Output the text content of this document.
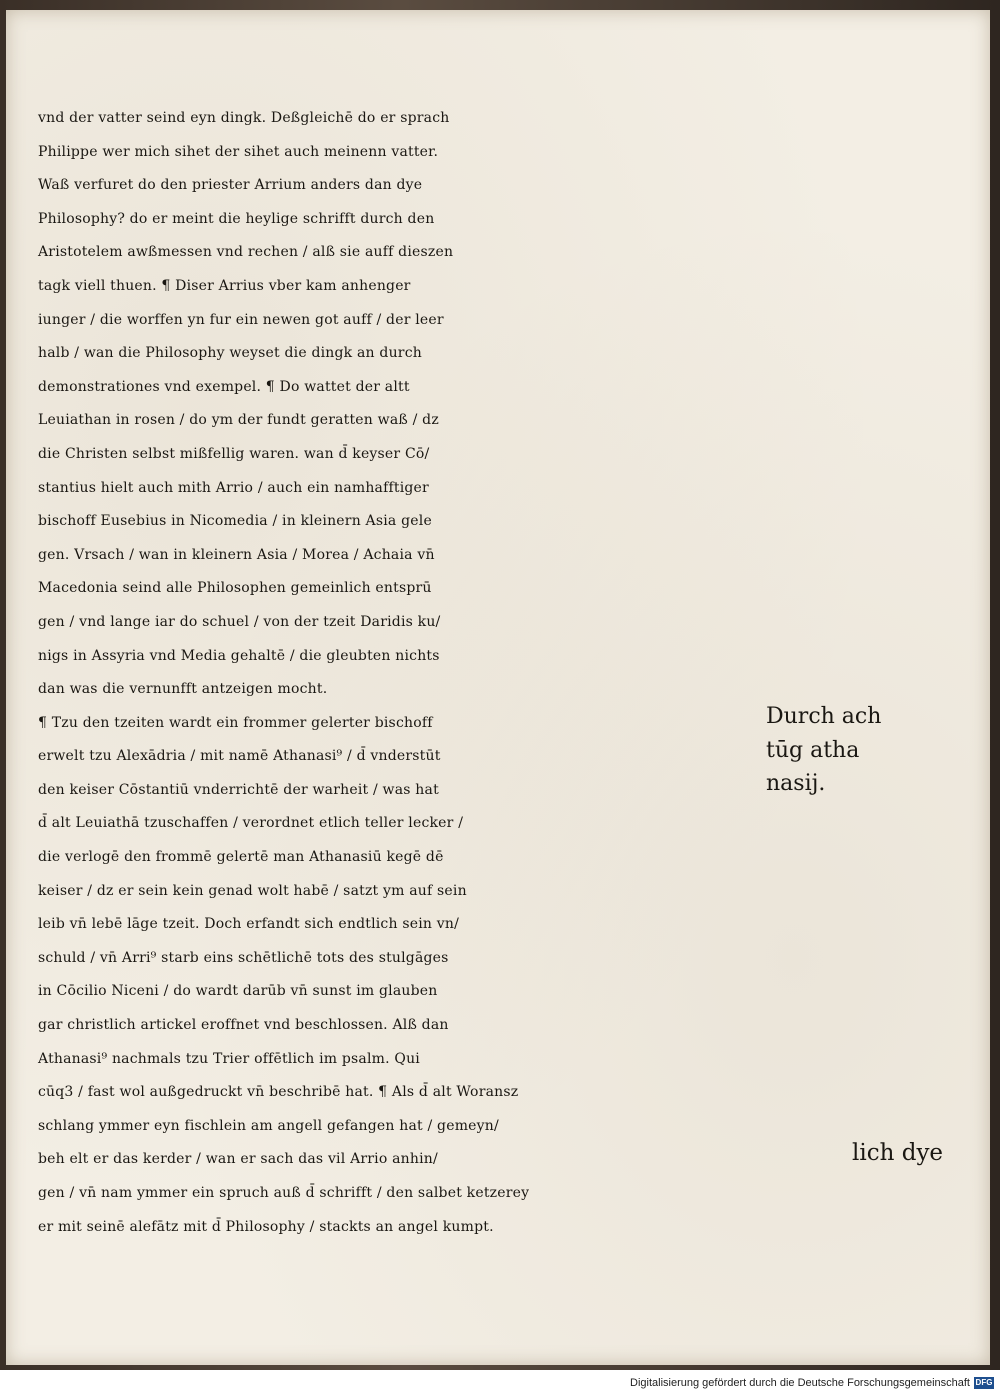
vnd der vatter seind eyn dingk. Deßgleichē do er sprach
Philippe wer mich sihet der sihet auch meinenn vatter.
Waß verfuret do den priester Arrium anders dan dye
Philosophy? do er meint die heylige schrifft durch den
Aristotelem awßmessen vnd rechen / alß sie auff dieszen
tagk viell thuen. ¶ Diser Arrius vber kam anhenger
iunger / die worffen yn fur ein newen got auff / der leer
halb / wan die Philosophy weyset die dingk an durch
demonstrationes vnd exempel. ¶ Do wattet der altt
Leuiathan in rosen / do ym der fundt geratten waß / dz
die Christen selbst mißfellig waren. wan d̄ keyser Cō/
stantius hielt auch mith Arrio / auch ein namhafftiger
bischoff Eusebius in Nicomedia / in kleinern Asia gele
gen. Vrsach / wan in kleinern Asia / Morea / Achaia vn̄
Macedonia seind alle Philosophen gemeinlich entsprū
gen / vnd lange iar do schuel / von der tzeit Daridis ku/
nigs in Assyria vnd Media gehaltē / die gleubten nichts
dan was die vernunfft antzeigen mocht.
¶ Tzu den tzeiten wardt ein frommer gelerter bischoff
erwelt tzu Alexādria / mit namē Athanasi⁹ / d̄ vnderstūt
den keiser Cōstantiū vnderrichtē der warheit / was hat
d̄ alt Leuiathā tzuschaffen / verordnet etlich teller lecker /
die verlogē den frommē gelertē man Athanasiū kegē dē
keiser / dz er sein kein genad wolt habē / satzt ym auf sein
leib vn̄ lebē lāge tzeit. Doch erfandt sich endtlich sein vn/
schuld / vn̄ Arri⁹ starb eins schētlichē tots des stulgāges
in Cōcilio Niceni / do wardt darūb vn̄ sunst im glauben
gar christlich artickel eroffnet vnd beschlossen. Alß dan
Athanasi⁹ nachmals tzu Trier offētlich im psalm. Qui
cūq3 / fast wol außgedruckt vn̄ beschribē hat. ¶ Als d̄ alt Woransz
schlang ymmer eyn fischlein am angell gefangen hat / gemeyn/
beh elt er das kerder / wan er sach das vil Arrio anhin/
gen / vn̄ nam ymmer ein spruch auß d̄ schrifft / den salbet ketzerey
er mit seinē alefātz mit d̄ Philosophy / stackts an angel kumpt.
Durch ach
tūg atha
nasij.
lich dye
Digitalisierung gefördert durch die Deutsche Forschungsgemeinschaft DFG
